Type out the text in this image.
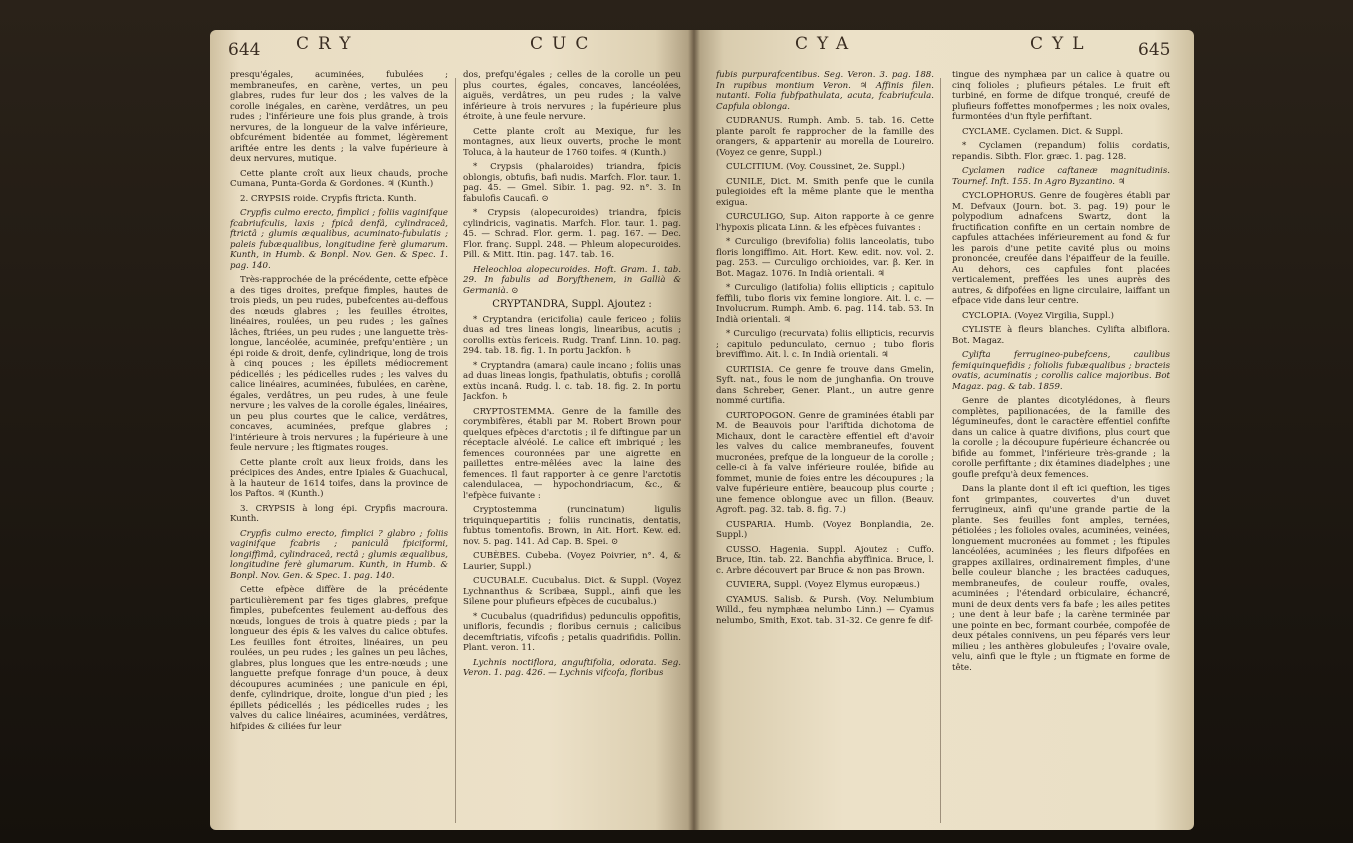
644 CRY	CUC	CYA	CYL	645

presqu'égales, acuminées, fubulées ; membraneufes, en carène, vertes, un peu glabres, rudes fur leur dos ; les valves de la corolle inégales, en carène, verdâtres, un peu rudes ; l'inférieure une fois plus grande, à trois nervures, de la longueur de la valve inférieure, obfcurément bidentée au fommet, légèrement ariftée entre les dents ; la valve fupérieure à deux nervures, mutique.

Cette plante croît aux lieux chauds, proche Cumana, Punta-Gorda & Gordones. ♃ (Kunth.)

2. CRYPSIS roide. Crypfis ftricta. Kunth.

Crypfis culmo erecto, fimplici ; foliis vaginifque fcabriufculis, laxis ; fpicâ denfâ, cylindraceâ, ftrictâ ; glumis æqualibus, acuminato-fubulatis ; paleis fubæqualibus, longitudine ferè glumarum. Kunth, in Humb. & Bonpl. Nov. Gen. & Spec. 1. pag. 140.

Très-rapprochée de la précédente, cette efpèce a des tiges droites, prefque fimples, hautes de trois pieds, un peu rudes, pubefcentes au-deffous des nœuds glabres ; les feuilles étroites, linéaires, roulées, un peu rudes ; les gaînes lâches, ftriées, un peu rudes ; une languette très-longue, lancéolée, acuminée, prefqu'entière ; un épi roide & droit, denfe, cylindrique, long de trois à cinq pouces ; les épillets médiocrement pédicellés ; les pédicelles rudes ; les valves du calice linéaires, acuminées, fubulées, en carène, égales, verdâtres, un peu rudes, à une feule nervure ; les valves de la corolle égales, linéaires, un peu plus courtes que le calice, verdâtres, concaves, acuminées, prefque glabres ; l'intérieure à trois nervures ; la fupérieure à une feule nervure ; les ftigmates rouges.

Cette plante croît aux lieux froids, dans les précipices des Andes, entre Ipiales & Guachucal, à la hauteur de 1614 toifes, dans la province de los Paftos. ♃ (Kunth.)

3. CRYPSIS à long épi. Crypfis macroura. Kunth.

Crypfis culmo erecto, fimplici ? glabro ; foliis vaginifque fcabris ; paniculâ fpiciformi, longiffimâ, cylindraceâ, rectâ ; glumis æqualibus, longitudine ferè glumarum. Kunth, in Humb. & Bonpl. Nov. Gen. & Spec. 1. pag. 140.

Cette efpèce diffère de la précédente particulièrement par fes tiges glabres, prefque fimples, pubefcentes feulement au-deffous des nœuds, longues de trois à quatre pieds ; par la longueur des épis & les valves du calice obtufes. Les feuilles font étroites, linéaires, un peu roulées, un peu rudes ; les gaînes un peu lâches, glabres, plus longues que les entre-nœuds ; une languette prefque fonrage d'un pouce, à deux découpures acuminées ; une panicule en épi, denfe, cylindrique, droite, longue d'un pied ; les épillets pédicellés ; les pédicelles rudes ; les valves du calice linéaires, acuminées, verdâtres, hifpides & ciliées fur leur

dos, prefqu'égales ; celles de la corolle un peu plus courtes, égales, concaves, lancéolées, aiguës, verdâtres, un peu rudes ; la valve inférieure à trois nervures ; la fupérieure plus étroite, à une feule nervure.

Cette plante croît au Mexique, fur les montagnes, aux lieux ouverts, proche le mont Toluca, à la hauteur de 1760 toifes. ♃ (Kunth.)

* Crypsis (phalaroides) triandra, fpicis oblongis, obtufis, bafi nudis. Marfch. Flor. taur. 1. pag. 45. — Gmel. Sibir. 1. pag. 92. n°. 3. In fabulofis Caucafi. ⊙

* Crypsis (alopecuroides) triandra, fpicis cylindricis, vaginatis. Marfch. Flor. taur. 1. pag. 45. — Schrad. Flor. germ. 1. pag. 167. — Dec. Flor. franç. Suppl. 248. — Phleum alopecuroides. Pill. & Mitt. Itin. pag. 147. tab. 16.

Heleochloa alopecuroides. Hoft. Gram. 1. tab. 29. In fabulis ad Boryfthenem, in Gallià & Germanià. ⊙

CRYPTANDRA, Suppl. Ajoutez :

* Cryptandra (ericifolia) caule fericeo ; foliis duas ad tres lineas longis, linearibus, acutis ; corollis extùs fericeis. Rudg. Tranf. Linn. 10. pag. 294. tab. 18. fig. 1. In portu Jackfon. ♄

* Cryptandra (amara) caule incano ; foliis unas ad duas lineas longis, fpathulatis, obtufis ; corollâ extùs incanâ. Rudg. l. c. tab. 18. fig. 2. In portu Jackfon. ♄

CRYPTOSTEMMA. Genre de la famille des corymbifères, établi par M. Robert Brown pour quelques efpèces d'arctotis ; il fe diftingue par un réceptacle alvéolé. Le calice eft imbriqué ; les femences couronnées par une aigrette en paillettes entre-mêlées avec la laine des femences. Il faut rapporter à ce genre l'arctotis calendulacea, — hypochondriacum, &c., & l'efpèce fuivante :

Cryptostemma (runcinatum) ligulis triquinquepartitis ; foliis runcinatis, dentatis, fubtus tomentofis. Brown, in Ait. Hort. Kew. ed. nov. 5. pag. 141. Ad Cap. B. Spei. ⊙

CUBÈBES. Cubeba. (Voyez Poivrier, n°. 4, & Laurier, Suppl.)

CUCUBALE. Cucubalus. Dict. & Suppl. (Voyez Lychnanthus & Scribæa, Suppl., ainfi que les Silene pour plufieurs efpèces de cucubalus.)

* Cucubalus (quadrifidus) pedunculis oppofitis, unifloris, fecundis ; floribus cernuis ; calicibus decemftriatis, vifcofis ; petalis quadrifidis. Pollin. Plant. veron. 11.

Lychnis noctiflora, anguftifolia, odorata. Seg. Veron. 1. pag. 426. — Lychnis vifcofa, floribus

fubis purpurafcentibus. Seg. Veron. 3. pag. 188. In rupibus montium Veron. ♃ Affinis filen. nutanti. Folia fubfpathulata, acuta, fcabriufcula. Capfula oblonga.

CUDRANUS. Rumph. Amb. 5. tab. 16. Cette plante paroît fe rapprocher de la famille des orangers, & appartenir au morella de Loureiro. (Voyez ce genre, Suppl.)

CULCITIUM. (Voy. Coussinet, 2e. Suppl.)

CUNILE, Dict. M. Smith penfe que le cunila pulegioides eft la même plante que le mentha exigua.

CURCULIGO, Sup. Aiton rapporte à ce genre l'hypoxis plicata Linn. & les efpèces fuivantes :

* Curculigo (brevifolia) foliis lanceolatis, tubo floris longiffimo. Ait. Hort. Kew. edit. nov. vol. 2. pag. 253. — Curculigo orchioides, var. β. Ker. in Bot. Magaz. 1076. In Indià orientali. ♃

* Curculigo (latifolia) foliis ellipticis ; capitulo feffili, tubo floris vix femine longiore. Ait. l. c. — Involucrum. Rumph. Amb. 6. pag. 114. tab. 53. In Indià orientali. ♃

* Curculigo (recurvata) foliis ellipticis, recurvis ; capitulo pedunculato, cernuo ; tubo floris breviffimo. Ait. l. c. In Indià orientali. ♃

CURTISIA. Ce genre fe trouve dans Gmelin, Syft. nat., fous le nom de junghanfia. On trouve dans Schreber, Gener. Plant., un autre genre nommé curtifia.

CURTOPOGON. Genre de graminées établi par M. de Beauvois pour l'ariftida dichotoma de Michaux, dont le caractère effentiel eft d'avoir les valves du calice membraneufes, fouvent mucronées, prefque de la longueur de la corolle ; celle-ci à fa valve inférieure roulée, bifide au fommet, munie de foies entre les découpures ; la valve fupérieure entière, beaucoup plus courte ; une femence oblongue avec un fillon. (Beauv. Agroft. pag. 32. tab. 8. fig. 7.)

CUSPARIA. Humb. (Voyez Bonplandia, 2e. Suppl.)

CUSSO. Hagenia. Suppl. Ajoutez : Cuffo. Bruce, Itin. tab. 22. Banchfia abyffinica. Bruce, l. c. Arbre découvert par Bruce & non pas Brown.

CUVIERA, Suppl. (Voyez Elymus europæus.)

CYAMUS. Salisb. & Pursh. (Voy. Nelumbium Willd., feu nymphæa nelumbo Linn.) — Cyamus nelumbo, Smith, Exot. tab. 31-32. Ce genre fe dif-

tingue des nymphæa par un calice à quatre ou cinq folioles ; plufieurs pétales. Le fruit eft turbiné, en forme de difque tronqué, creufé de plufieurs foffettes monofpermes ; les noix ovales, furmontées d'un ftyle perfiftant.

CYCLAME. Cyclamen. Dict. & Suppl.

* Cyclamen (repandum) foliis cordatis, repandis. Sibth. Flor. græc. 1. pag. 128.

Cyclamen radice caftaneæ magnitudinis. Tournef. Inft. 155. In Agro Byzantino. ♃

CYCLOPHORUS. Genre de fougères établi par M. Defvaux (Journ. bot. 3. pag. 19) pour le polypodium adnafcens Swartz, dont la fructification confifte en un certain nombre de capfules attachées inférieurement au fond & fur les parois d'une petite cavité plus ou moins prononcée, creufée dans l'épaiffeur de la feuille. Au dehors, ces capfules font placées verticalement, preffées les unes auprès des autres, & difpofées en ligne circulaire, laiffant un efpace vide dans leur centre.

CYCLOPIA. (Voyez Virgilia, Suppl.)

CYLISTE à fleurs blanches. Cylifta albiflora. Bot. Magaz.

Cylifta ferrugineo-pubefcens, caulibus femiquinquefidis ; foliolis fubæqualibus ; bracteis ovatis, acuminatis ; corollis calice majoribus. Bot Magaz. pag. & tab. 1859.

Genre de plantes dicotylédones, à fleurs complètes, papilionacées, de la famille des légumineufes, dont le caractère effentiel confifte dans un calice à quatre divifions, plus court que la corolle ; la découpure fupérieure échancrée ou bifide au fommet, l'inférieure très-grande ; la corolle perfiftante ; dix étamines diadelphes ; une goufle prefqu'à deux femences.

Dans la plante dont il eft ici queftion, les tiges font grimpantes, couvertes d'un duvet ferrugineux, ainfi qu'une grande partie de la plante. Ses feuilles font amples, ternées, pétiolées ; les folioles ovales, acuminées, veinées, longuement mucronées au fommet ; les ftipules lancéolées, acuminées ; les fleurs difpofées en grappes axillaires, ordinairement fimples, d'une belle couleur blanche ; les bractées caduques, membraneufes, de couleur rouffe, ovales, acuminées ; l'étendard orbiculaire, échancré, muni de deux dents vers fa bafe ; les ailes petites ; une dent à leur bafe ; la carène terminée par une pointe en bec, formant courbée, compofée de deux pétales connivens, un peu féparés vers leur milieu ; les anthères globuleufes ; l'ovaire ovale, velu, ainfi que le ftyle ; un ftigmate en forme de tête.
